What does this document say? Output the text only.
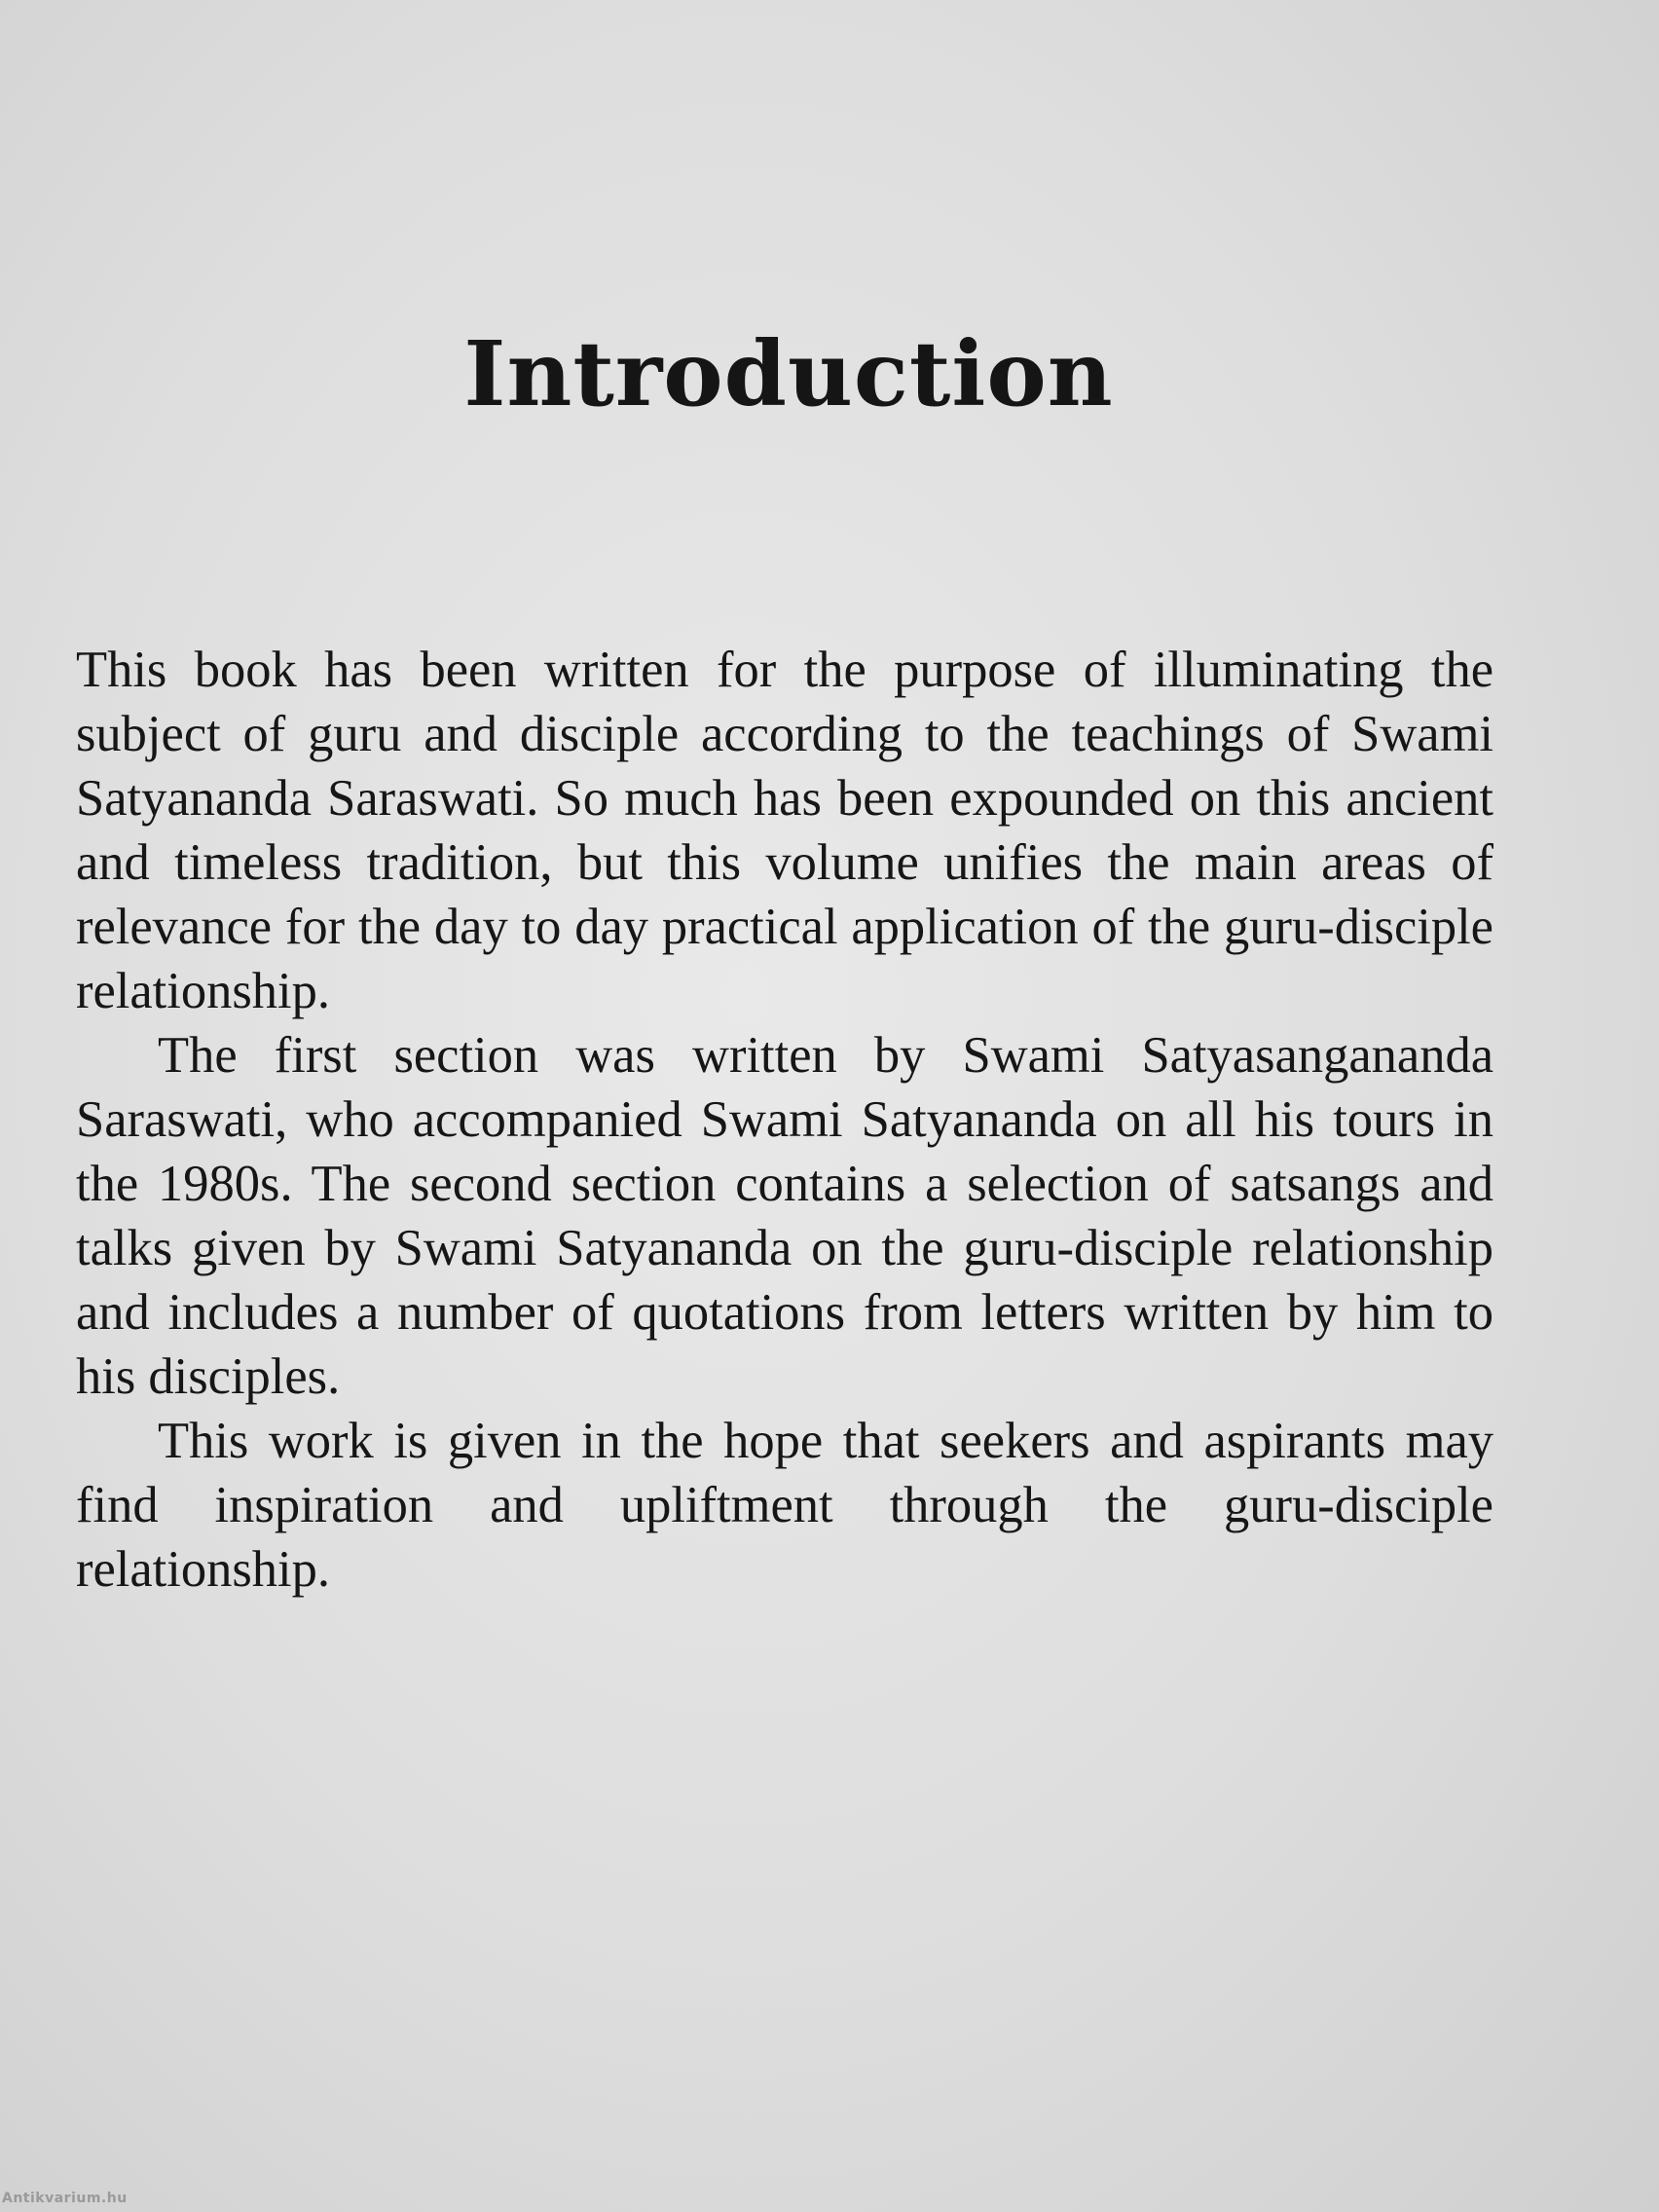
Introduction

This book has been written for the purpose of illuminating the subject of guru and disciple according to the teachings of Swami Satyananda Saraswati. So much has been expounded on this ancient and timeless tradition, but this volume unifies the main areas of relevance for the day to day practical application of the guru-disciple relationship.

The first section was written by Swami Satyasangananda Saraswati, who accompanied Swami Satyananda on all his tours in the 1980s. The second section contains a selection of satsangs and talks given by Swami Satyananda on the guru-disciple relationship and includes a number of quotations from letters written by him to his disciples.

This work is given in the hope that seekers and aspirants may find inspiration and upliftment through the guru-disciple relationship.

Antikvarium.hu
